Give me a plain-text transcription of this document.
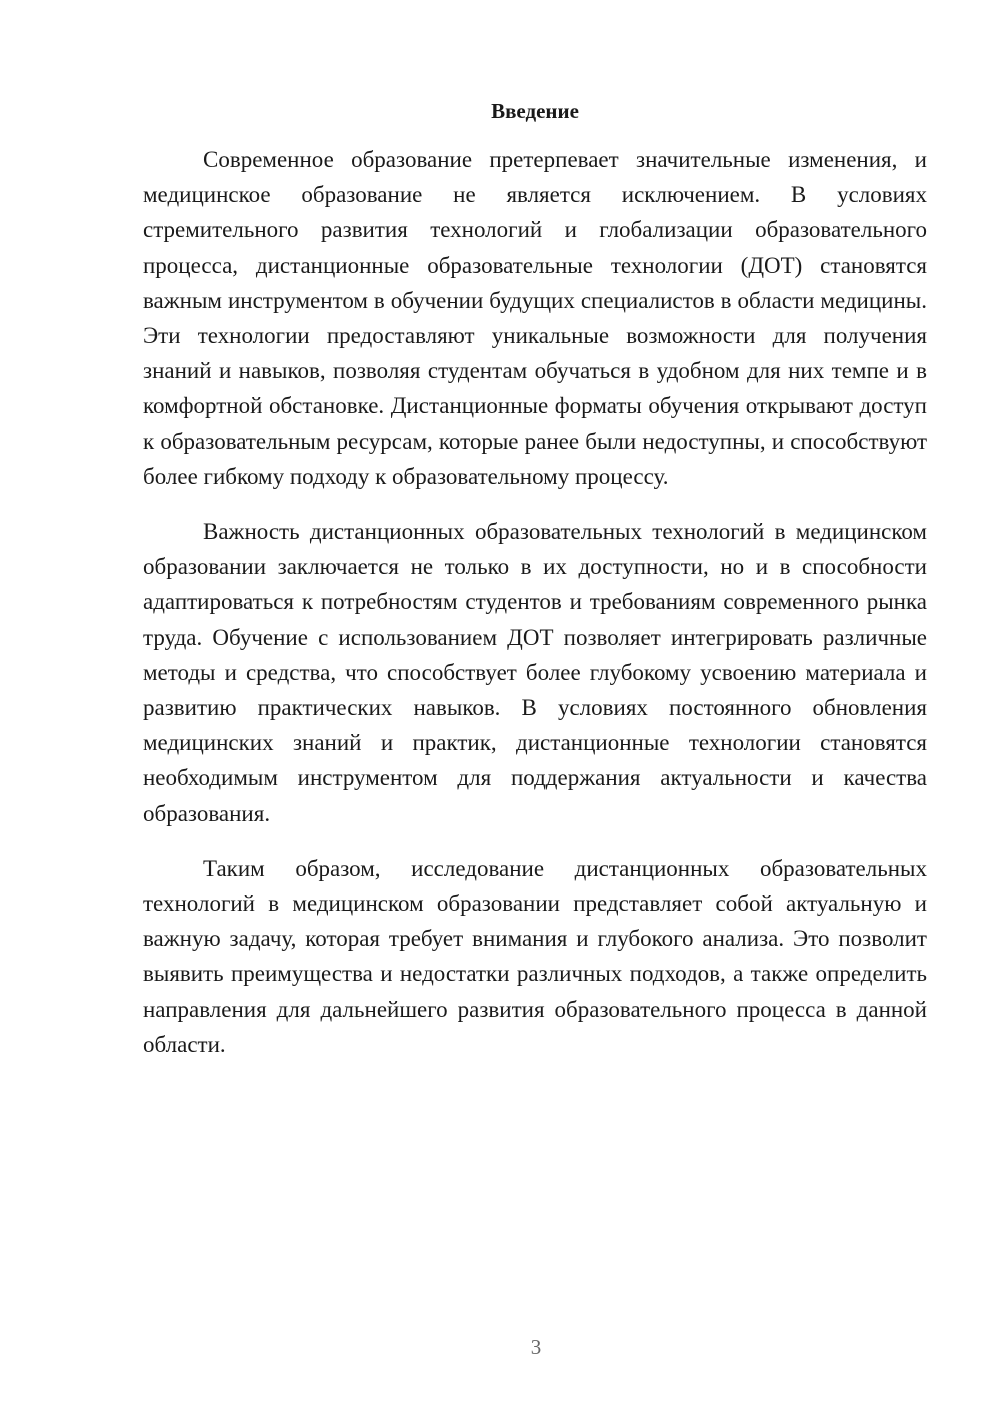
Введение

Современное образование претерпевает значительные изменения, и медицинское образование не является исключением. В условиях стремительного развития технологий и глобализации образовательного процесса, дистанционные образовательные технологии (ДОТ) становятся важным инструментом в обучении будущих специалистов в области медицины. Эти технологии предоставляют уникальные возможности для получения знаний и навыков, позволяя студентам обучаться в удобном для них темпе и в комфортной обстановке. Дистанционные форматы обучения открывают доступ к образовательным ресурсам, которые ранее были недоступны, и способствуют более гибкому подходу к образовательному процессу.

Важность дистанционных образовательных технологий в медицинском образовании заключается не только в их доступности, но и в способности адаптироваться к потребностям студентов и требованиям современного рынка труда. Обучение с использованием ДОТ позволяет интегрировать различные методы и средства, что способствует более глубокому усвоению материала и развитию практических навыков. В условиях постоянного обновления медицинских знаний и практик, дистанционные технологии становятся необходимым инструментом для поддержания актуальности и качества образования.

Таким образом, исследование дистанционных образовательных технологий в медицинском образовании представляет собой актуальную и важную задачу, которая требует внимания и глубокого анализа. Это позволит выявить преимущества и недостатки различных подходов, а также определить направления для дальнейшего развития образовательного процесса в данной области.

3
